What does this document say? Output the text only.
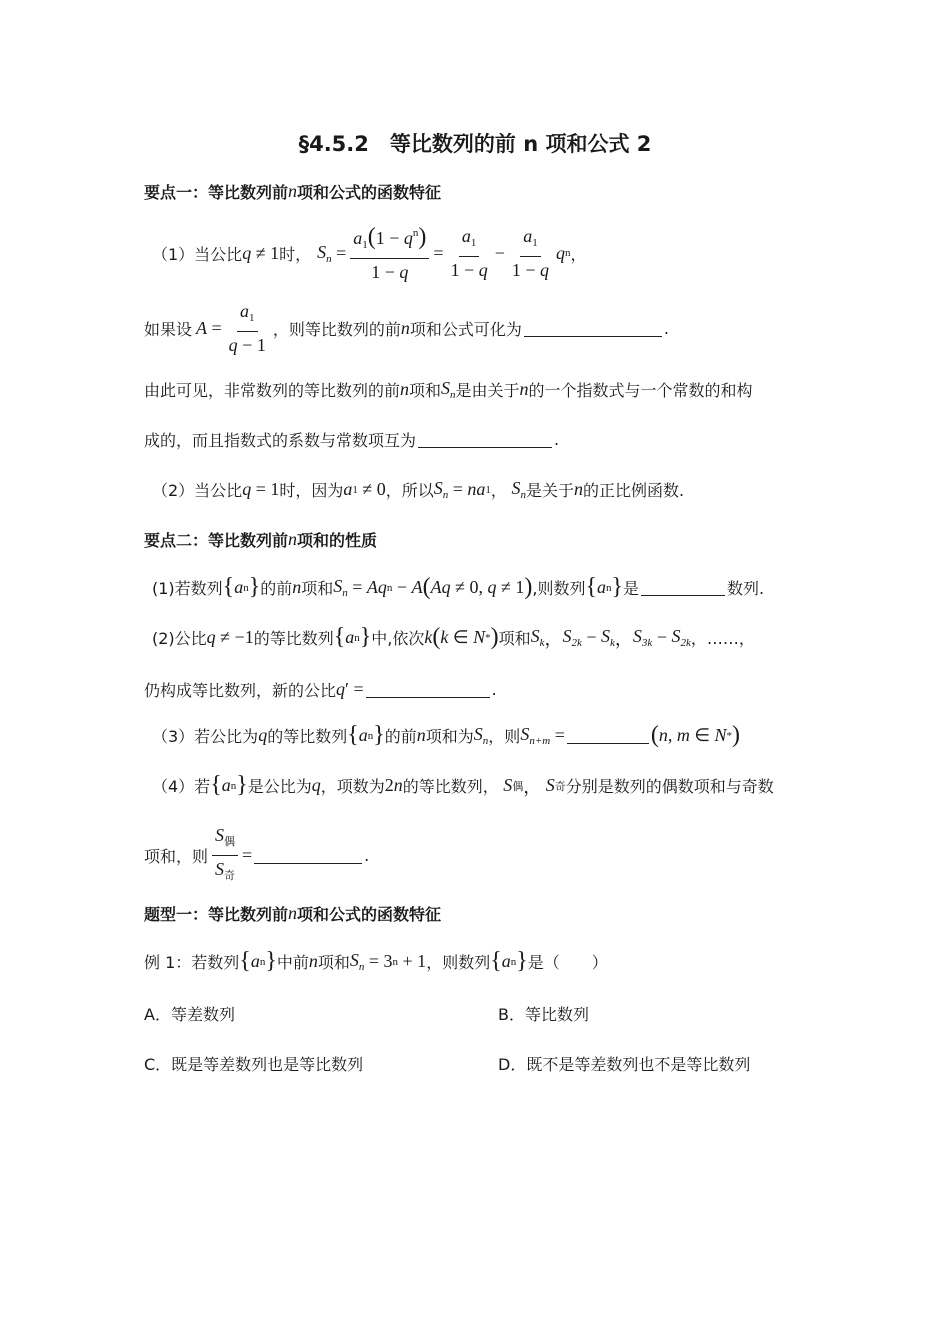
§4.5.2　等比数列的前 n 项和公式 2
要点一：等比数列前 n 项和公式的函数特征
（1）当公比 q ≠ 1 时， $S_n = \frac{a_1(1 - q^n)}{1 - q} = \frac{a_1}{1 - q} - \frac{a_1}{1 - q}$ q n ，
如果设 $A = \frac{a_1}{q - 1}$ ，则等比数列的前 n 项和公式可化为	.
由此可见，非常数列的等比数列的前 n 项和 $S_n$ 是由关于 n 的一个指数式与一个常数的和构
成的，而且指数式的系数与常数项互为	.
（2）当公比 q = 1 时，因为 a 1 ≠ 0 ，所以 $S_n$ = na 1 ， $S_n$ 是关于 n 的正比例函数.
要点二：等比数列前 n 项和的性质
(1)若数列 { a n } 的前 n 项和 $S_n = Aq$ n − A ( Aq ≠ 0, q ≠ 1 ) ,则数列 { a n } 是	数列.
(2)公比 q ≠ −1 的等比数列 { a n } 中,依次 k ( k ∈ N * ) 项和 $S_k$ ， $S_{2k} - S_k$ ， $S_{3k} - S_{2k}$ ，……，
仍构成等比数列，新的公比 q ′ =	.
（3）若公比为 q 的等比数列 { a n } 的前 n 项和为 $S_n$ ，则 $S_{n+m}$ =	( n , m ∈ N * )
（4）若 { a n } 是公比为 q ，项数为 2 n 的等比数列， S 偶 ， S 奇 分别是数列的偶数项和与奇数
项和，则 $\frac{S_偶}{S_奇}$ =	.
题型一：等比数列前 n 项和公式的函数特征
例 1：若数列 { a n } 中前 n 项和 $S_n = 3$ n + 1 ，则数列 { a n } 是（　　）
A．等差数列	B．等比数列
C．既是等差数列也是等比数列	D．既不是等差数列也不是等比数列
